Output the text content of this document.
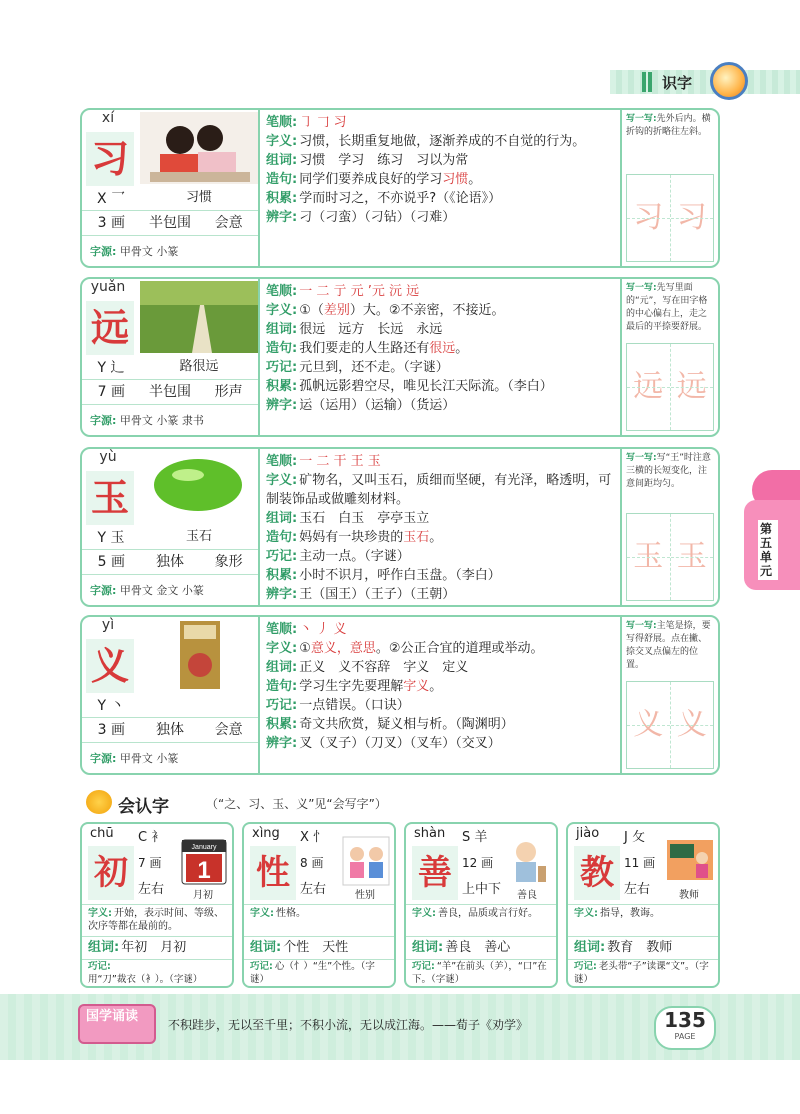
识字
xí
习
习惯
X 乛
3 画	半包围	会意
字源: 甲骨文 小篆
笔顺: ㇆ 𠃌 习
字义: 习惯，长期重复地做，逐渐养成的不自觉的行为。
组词: 习惯　学习　练习　习以为常
造句: 同学们要养成良好的学习习惯。
积累: 学而时习之，不亦说乎?（《论语》）
辨字: 刁（刁蛮）（刁钻）（刁难）
写一写:先外后内。横折钩的折略往左斜。
习 习
yuǎn
远
路很远
Y 辶
7 画	半包围	形声
字源: 甲骨文 小篆 隶书
笔顺: 一 二 亍 元 ’元 沅 远
字义: ①（差别）大。②不亲密，不接近。
组词: 很远　远方　长远　永远
造句: 我们要走的人生路还有很远。
巧记: 元旦到，还不走。（字谜）
积累: 孤帆远影碧空尽，唯见长江天际流。（李白）
辨字: 运（运用）（运输）（货运）
写一写:先写里面的“元”，写在田字格的中心偏右上，走之最后的平捺要舒展。
远 远
yù
玉
玉石
Y 玉
5 画	独体	象形
字源: 甲骨文 金文 小篆
笔顺: 一 二 干 王 玉
字义: 矿物名，又叫玉石，质细而坚硬，有光泽，略透明，可制装饰品或做雕刻材料。
组词: 玉石　白玉　亭亭玉立
造句: 妈妈有一块珍贵的玉石。
巧记: 主动一点。（字谜）
积累: 小时不识月，呼作白玉盘。（李白）
辨字: 王（国王）（王子）（王朝）
写一写:写“王”时注意三横的长短变化，注意间距均匀。
玉 玉
yì
义
Y 丶
3 画	独体	会意
字源: 甲骨文 小篆
笔顺: 丶 丿 义
字义: ①意义，意思。②公正合宜的道理或举动。
组词: 正义　义不容辞　字义　定义
造句: 学习生字先要理解字义。
巧记: 一点错误。（口诀）
积累: 奇文共欣赏，疑义相与析。（陶渊明）
辨字: 叉（叉子）（刀叉）（叉车）（交叉）
写一写:主笔是捺，要写得舒展。点在撇、捺交叉点偏左的位置。
义 义
会认字	（“之、习、玉、义”见“会写字”）
chū C 衤
初 7 画
左右
January
1
月初
字义: 开始，表示时间、等级、次序等都在最前的。
组词: 年初　月初
巧记:用“刀”裁衣（衤）。（字谜）
xìng X 忄
性 8 画
左右	性别
字义: 性格。
组词: 个性　天性
巧记: 心（忄）“生”个性。（字谜）
shàn S 羊
善 12 画
上中下	善良
字义: 善良，品质或言行好。
组词: 善良　善心
巧记: “羊”在前头（⺶），“口”在下。（字谜）
jiào J 攵
教 11 画
左右	教师
字义: 指导，教诲。
组词: 教育　教师
巧记: 老头带“子”读课“文”。（字谜）
第五单元
国学诵读
不积跬步，无以至千里；不积小流，无以成江海。——荀子《劝学》	135
PAGE
